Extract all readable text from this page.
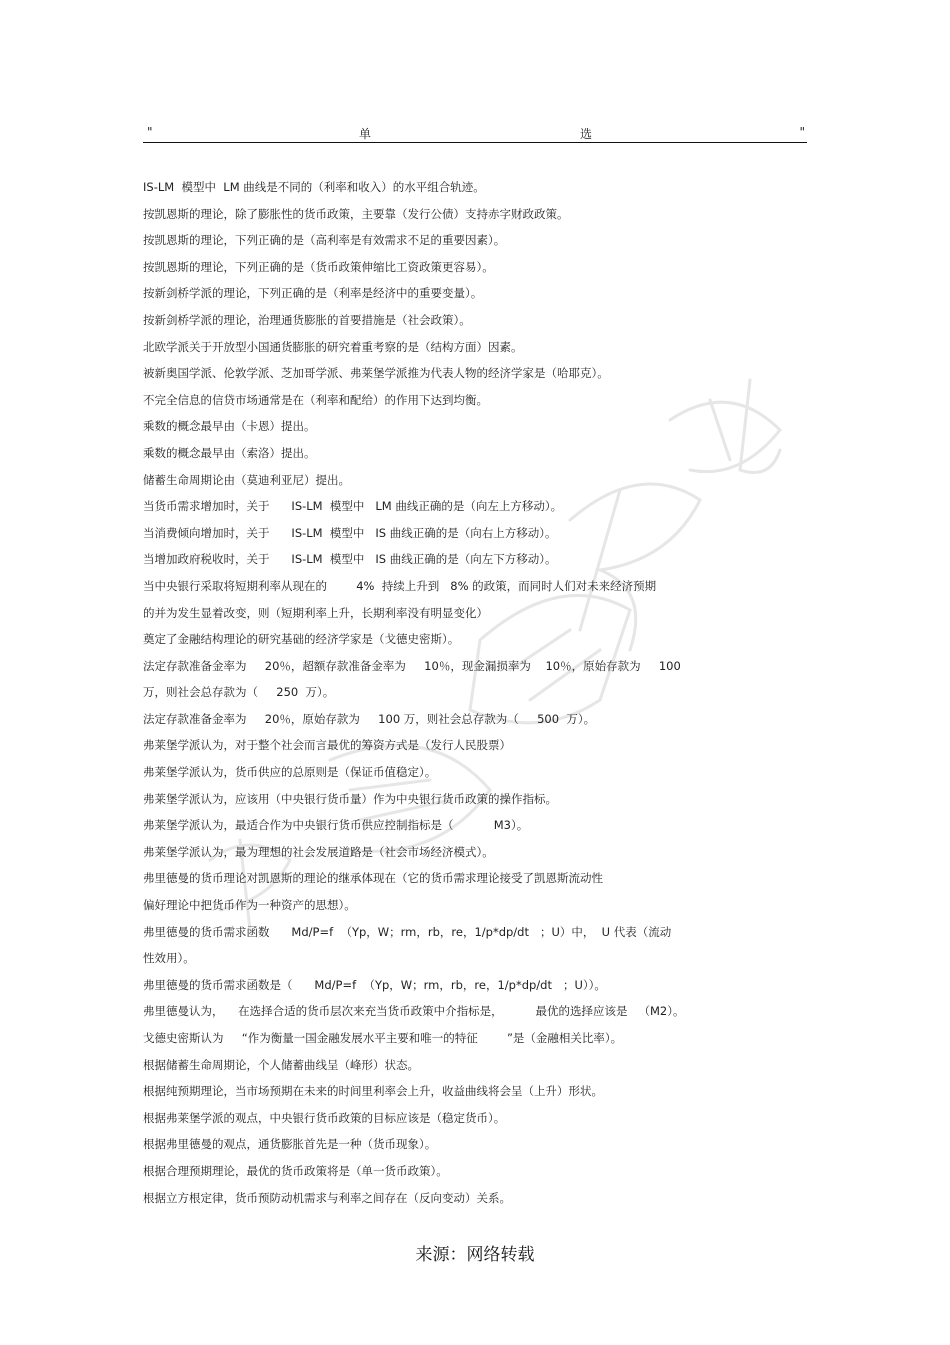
"	单	选	"
IS-LM  模型中  LM 曲线是不同的（利率和收入）的水平组合轨迹。
按凯恩斯的理论，除了膨胀性的货币政策，主要靠（发行公债）支持赤字财政政策。
按凯恩斯的理论，下列正确的是（高利率是有效需求不足的重要因素）。
按凯恩斯的理论，下列正确的是（货币政策伸缩比工资政策更容易）。
按新剑桥学派的理论，下列正确的是（利率是经济中的重要变量）。
按新剑桥学派的理论，治理通货膨胀的首要措施是（社会政策）。
北欧学派关于开放型小国通货膨胀的研究着重考察的是（结构方面）因素。
被新奥国学派、伦敦学派、芝加哥学派、弗莱堡学派推为代表人物的经济学家是（哈耶克）。
不完全信息的信贷市场通常是在（利率和配给）的作用下达到均衡。
乘数的概念最早由（卡恩）提出。
乘数的概念最早由（索洛）提出。
储蓄生命周期论由（莫迪利亚尼）提出。
当货币需求增加时，关于      IS-LM  模型中   LM 曲线正确的是（向左上方移动）。
当消费倾向增加时，关于      IS-LM  模型中   IS 曲线正确的是（向右上方移动）。
当增加政府税收时，关于      IS-LM  模型中   IS 曲线正确的是（向左下方移动）。
当中央银行采取将短期利率从现在的        4%  持续上升到   8% 的政策，而同时人们对未来经济预期
的并为发生显着改变，则（短期利率上升，长期利率没有明显变化）
奠定了金融结构理论的研究基础的经济学家是（戈德史密斯）。
法定存款准备金率为     20％，超额存款准备金率为     10％，现金漏损率为    10％，原始存款为     100
万，则社会总存款为（     250  万）。
法定存款准备金率为     20％，原始存款为     100 万，则社会总存款为（     500  万）。
弗莱堡学派认为，对于整个社会而言最优的筹资方式是（发行人民股票）
弗莱堡学派认为，货币供应的总原则是（保证币值稳定）。
弗莱堡学派认为，应该用（中央银行货币量）作为中央银行货币政策的操作指标。
弗莱堡学派认为，最适合作为中央银行货币供应控制指标是（           M3）。
弗莱堡学派认为，最为理想的社会发展道路是（社会市场经济模式）。
弗里德曼的货币理论对凯恩斯的理论的继承体现在（它的货币需求理论接受了凯恩斯流动性
偏好理论中把货币作为一种资产的思想）。
弗里德曼的货币需求函数      Md/P=f  （Yp，W；rm，rb，re，1/p*dp/dt   ；U）中，  U 代表（流动
性效用）。
弗里德曼的货币需求函数是（      Md/P=f  （Yp，W；rm，rb，re，1/p*dp/dt   ；U））。
弗里德曼认为，    在选择合适的货币层次来充当货币政策中介指标是，         最优的选择应该是   （M2）。
戈德史密斯认为     “作为衡量一国金融发展水平主要和唯一的特征        ”是（金融相关比率）。
根据储蓄生命周期论，个人储蓄曲线呈（峰形）状态。
根据纯预期理论，当市场预期在未来的时间里利率会上升，收益曲线将会呈（上升）形状。
根据弗莱堡学派的观点，中央银行货币政策的目标应该是（稳定货币）。
根据弗里德曼的观点，通货膨胀首先是一种（货币现象）。
根据合理预期理论，最优的货币政策将是（单一货币政策）。
根据立方根定律，货币预防动机需求与利率之间存在（反向变动）关系。
来源：网络转载
